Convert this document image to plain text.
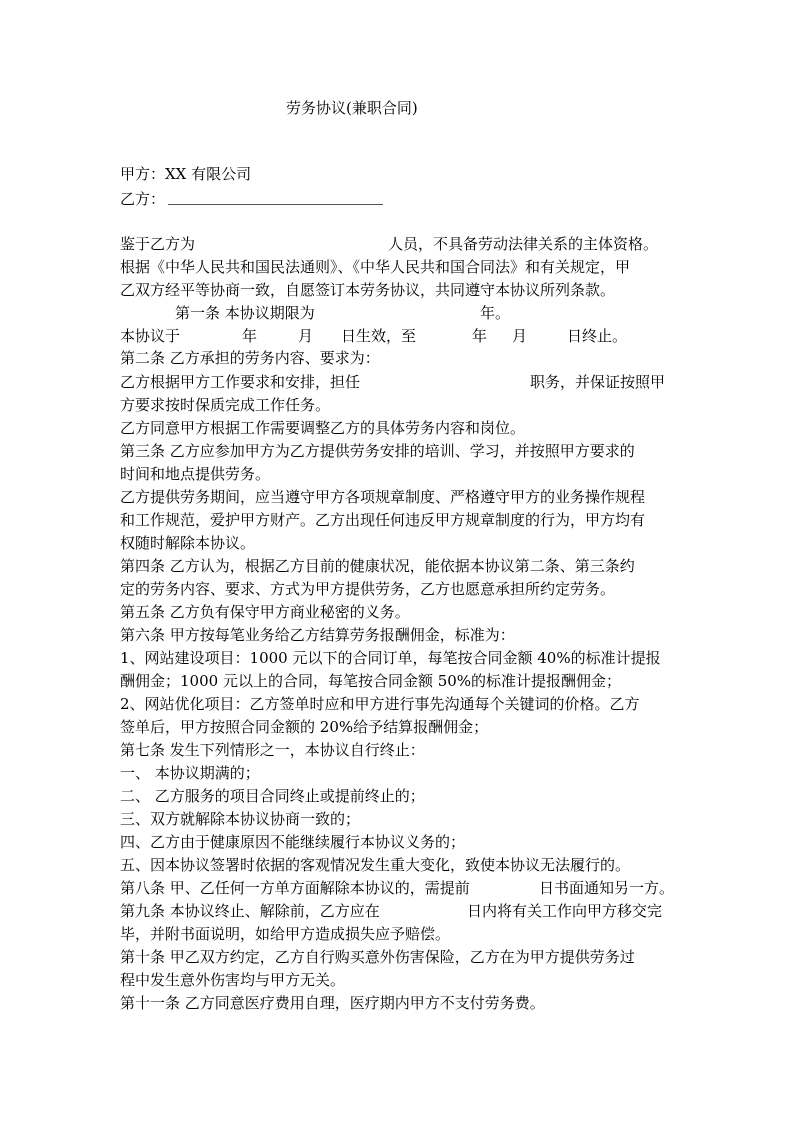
劳务协议(兼职合同)
甲方：XX 有限公司
乙方：
鉴于乙方为	人员，不具备劳动法律关系的主体资格。
根据《中华人民共和国民法通则》、《中华人民共和国合同法》和有关规定，甲
乙双方经平等协商一致，自愿签订本劳务协议，共同遵守本协议所列条款。
第一条 本协议期限为	年。
本协议于	年	月 日生效，至	年 月	日终止。
第二条 乙方承担的劳务内容、要求为：
乙方根据甲方工作要求和安排，担任	职务，并保证按照甲
方要求按时保质完成工作任务。
乙方同意甲方根据工作需要调整乙方的具体劳务内容和岗位。
第三条 乙方应参加甲方为乙方提供劳务安排的培训、学习，并按照甲方要求的
时间和地点提供劳务。
乙方提供劳务期间，应当遵守甲方各项规章制度、严格遵守甲方的业务操作规程
和工作规范，爱护甲方财产。乙方出现任何违反甲方规章制度的行为，甲方均有
权随时解除本协议。
第四条 乙方认为，根据乙方目前的健康状况，能依据本协议第二条、第三条约
定的劳务内容、要求、方式为甲方提供劳务，乙方也愿意承担所约定劳务。
第五条 乙方负有保守甲方商业秘密的义务。
第六条 甲方按每笔业务给乙方结算劳务报酬佣金，标准为：
1、网站建设项目：1000 元以下的合同订单，每笔按合同金额 40%的标准计提报
酬佣金；1000 元以上的合同，每笔按合同金额 50%的标准计提报酬佣金；
2、网站优化项目：乙方签单时应和甲方进行事先沟通每个关键词的价格。乙方
签单后，甲方按照合同金额的 20%给予结算报酬佣金；
第七条 发生下列情形之一，本协议自行终止：
一、 本协议期满的；
二、 乙方服务的项目合同终止或提前终止的；
三、双方就解除本协议协商一致的；
四、乙方由于健康原因不能继续履行本协议义务的；
五、因本协议签署时依据的客观情况发生重大变化，致使本协议无法履行的。
第八条 甲、乙任何一方单方面解除本协议的，需提前	日书面通知另一方。
第九条 本协议终止、解除前，乙方应在	日内将有关工作向甲方移交完
毕，并附书面说明，如给甲方造成损失应予赔偿。
第十条 甲乙双方约定，乙方自行购买意外伤害保险，乙方在为甲方提供劳务过
程中发生意外伤害均与甲方无关。
第十一条 乙方同意医疗费用自理，医疗期内甲方不支付劳务费。
